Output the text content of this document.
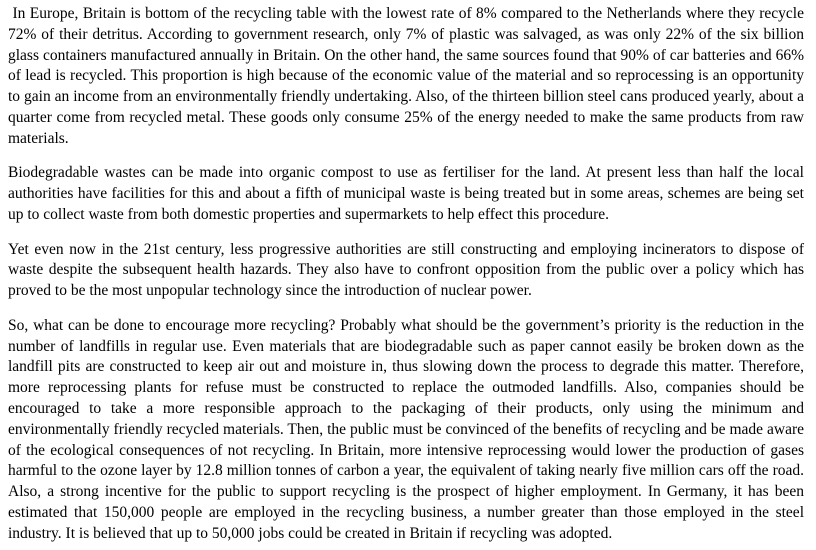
In Europe, Britain is bottom of the recycling table with the lowest rate of 8% compared to the Netherlands where they recycle 72% of their detritus. According to government research, only 7% of plastic was salvaged, as was only 22% of the six billion glass containers manufactured annually in Britain. On the other hand, the same sources found that 90% of car batteries and 66% of lead is recycled. This proportion is high because of the economic value of the material and so reprocessing is an opportunity to gain an income from an environmentally friendly undertaking. Also, of the thirteen billion steel cans produced yearly, about a quarter come from recycled metal. These goods only consume 25% of the energy needed to make the same products from raw materials.

Biodegradable wastes can be made into organic compost to use as fertiliser for the land. At present less than half the local authorities have facilities for this and about a fifth of municipal waste is being treated but in some areas, schemes are being set up to collect waste from both domestic properties and supermarkets to help effect this procedure.

Yet even now in the 21st century, less progressive authorities are still constructing and employing incinerators to dispose of waste despite the subsequent health hazards. They also have to confront opposition from the public over a policy which has proved to be the most unpopular technology since the introduction of nuclear power.

So, what can be done to encourage more recycling? Probably what should be the government’s priority is the reduction in the number of landfills in regular use. Even materials that are biodegradable such as paper cannot easily be broken down as the landfill pits are constructed to keep air out and moisture in, thus slowing down the process to degrade this matter. Therefore, more reprocessing plants for refuse must be constructed to replace the outmoded landfills. Also, companies should be encouraged to take a more responsible approach to the packaging of their products, only using the minimum and environmentally friendly recycled materials. Then, the public must be convinced of the benefits of recycling and be made aware of the ecological consequences of not recycling. In Britain, more intensive reprocessing would lower the production of gases harmful to the ozone layer by 12.8 million tonnes of carbon a year, the equivalent of taking nearly five million cars off the road. Also, a strong incentive for the public to support recycling is the prospect of higher employment. In Germany, it has been estimated that 150,000 people are employed in the recycling business, a number greater than those employed in the steel industry. It is believed that up to 50,000 jobs could be created in Britain if recycling was adopted.
